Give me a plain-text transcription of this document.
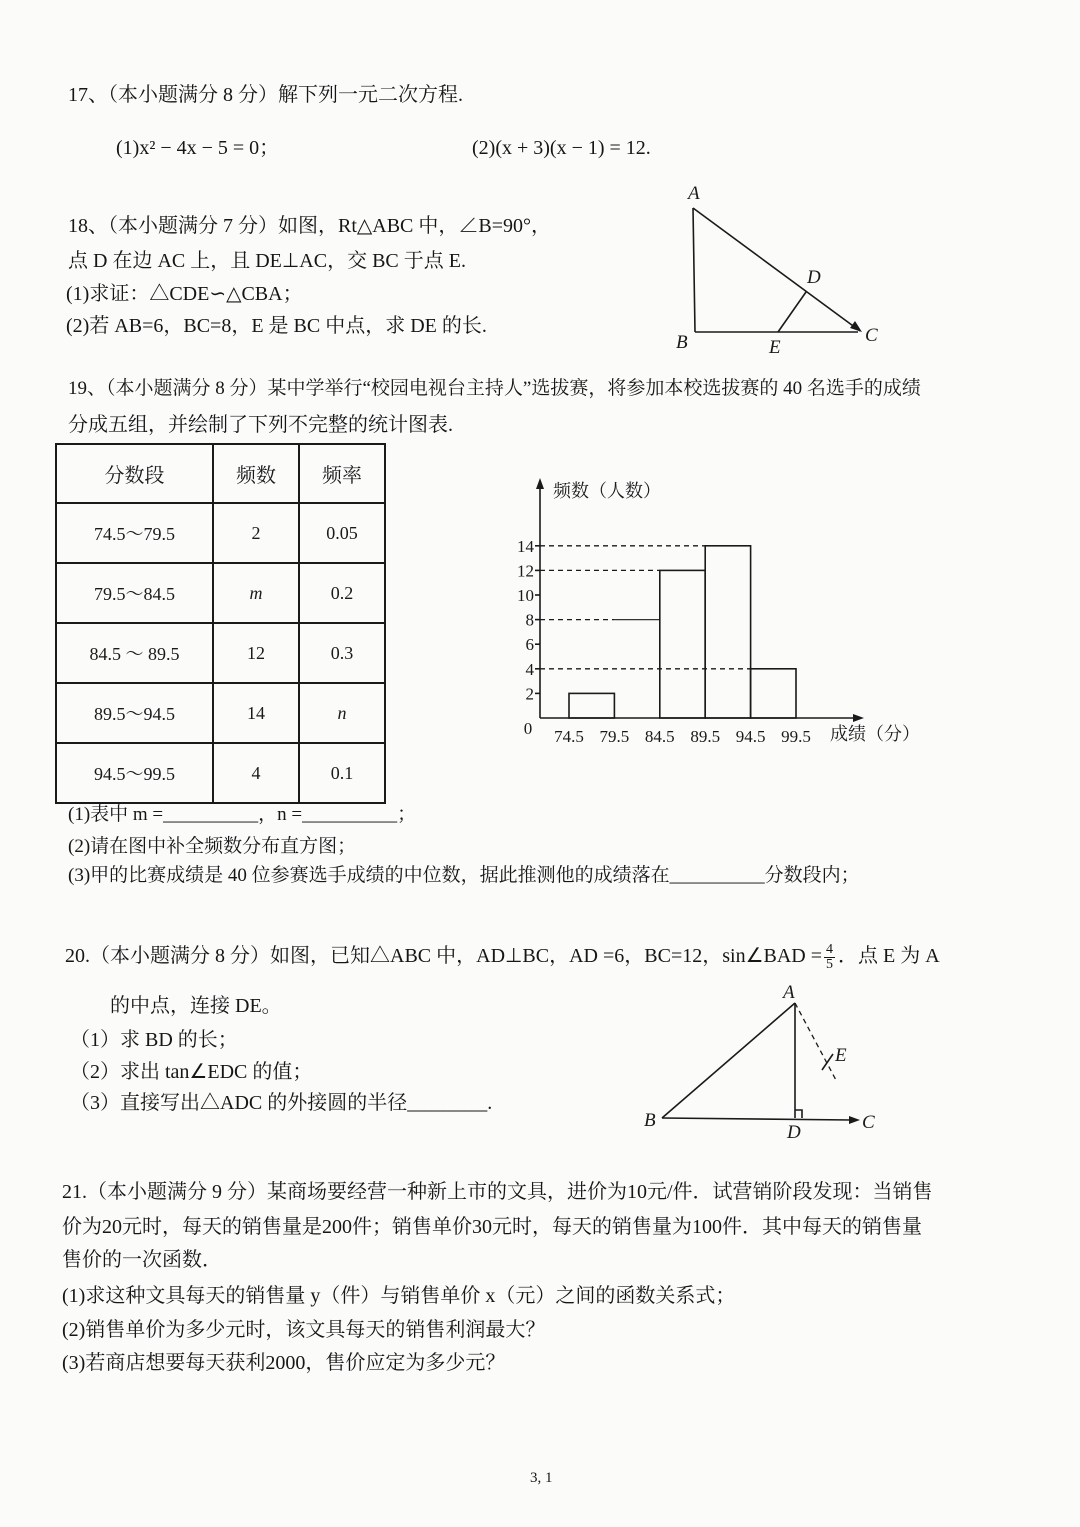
17、（本小题满分 8 分）解下列一元二次方程.
(1)x² − 4x − 5 = 0；	(2)(x + 3)(x − 1) = 12.
18、（本小题满分 7 分）如图，Rt△ABC 中，∠B=90°，
点 D 在边 AC 上，且 DE⊥AC，交 BC 于点 E.
(1)求证：△CDE∽△CBA；
(2)若 AB=6，BC=8，E 是 BC 中点，求 DE 的长.
A
D
B	E
C
19、（本小题满分 8 分）某中学举行“校园电视台主持人”选拔赛，将参加本校选拔赛的 40 名选手的成绩
分成五组，并绘制了下列不完整的统计图表.
分数段	频数	频率
74.5～79.5	2	0.05
79.5～84.5	m	0.2
84.5 ～ 89.5	12	0.3
89.5～94.5	14	n
94.5～99.5	4	0.1
频数（人数）
成绩（分）
0
2
4
6
8
10
12
14
74.5 79.5 84.5 89.5 94.5 99.5
(1)表中 m =__________，n =__________；
(2)请在图中补全频数分布直方图；
(3)甲的比赛成绩是 40 位参赛选手成绩的中位数，据此推测他的成绩落在__________分数段内；
20.（本小题满分 8 分）如图，已知△ABC 中，AD⊥BC，AD =6，BC=12，sin∠BAD = $\frac{4}{5}$ ．点 E 为 A
的中点，连接 DE。
（1）求 BD 的长；
（2）求出 tan∠EDC 的值；
（3）直接写出△ADC 的外接圆的半径________.
A
E
B
D	C
21.（本小题满分 9 分）某商场要经营一种新上市的文具，进价为10元/件．试营销阶段发现：当销售
价为20元时，每天的销售量是200件；销售单价30元时，每天的销售量为100件．其中每天的销售量
售价的一次函数．
(1)求这种文具每天的销售量 y（件）与销售单价 x（元）之间的函数关系式；
(2)销售单价为多少元时，该文具每天的销售利润最大？
(3)若商店想要每天获利2000，售价应定为多少元？
3, 1
